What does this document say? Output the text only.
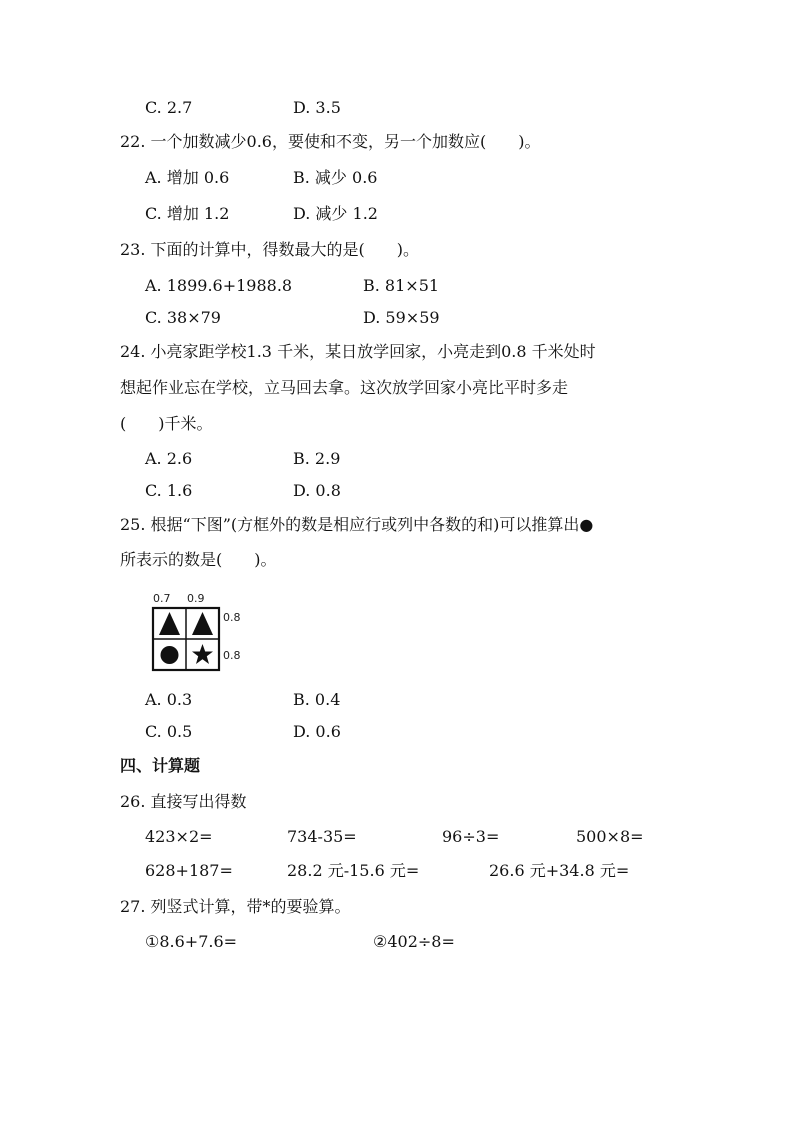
C. 2.7	D. 3.5
22. 一个加数减少0.6，要使和不变，另一个加数应(　　)。
A. 增加 0.6	B. 减少 0.6
C. 增加 1.2	D. 减少 1.2
23. 下面的计算中，得数最大的是(　　)。
A. 1899.6+1988.8	B. 81×51
C. 38×79	D. 59×59
24. 小亮家距学校1.3 千米，某日放学回家，小亮走到0.8 千米处时
想起作业忘在学校，立马回去拿。这次放学回家小亮比平时多走
(　　)千米。
A. 2.6	B. 2.9
C. 1.6	D. 0.8
25. 根据“下图”(方框外的数是相应行或列中各数的和)可以推算出●
所表示的数是(　　)。
0.7 0.9
0.8
0.8
A. 0.3	B. 0.4
C. 0.5	D. 0.6
四、计算题
26. 直接写出得数
423×2=	734-35=	96÷3=	500×8=
628+187=	28.2 元-15.6 元=	26.6 元+34.8 元=
27. 列竖式计算，带*的要验算。
①8.6+7.6=	②402÷8=
